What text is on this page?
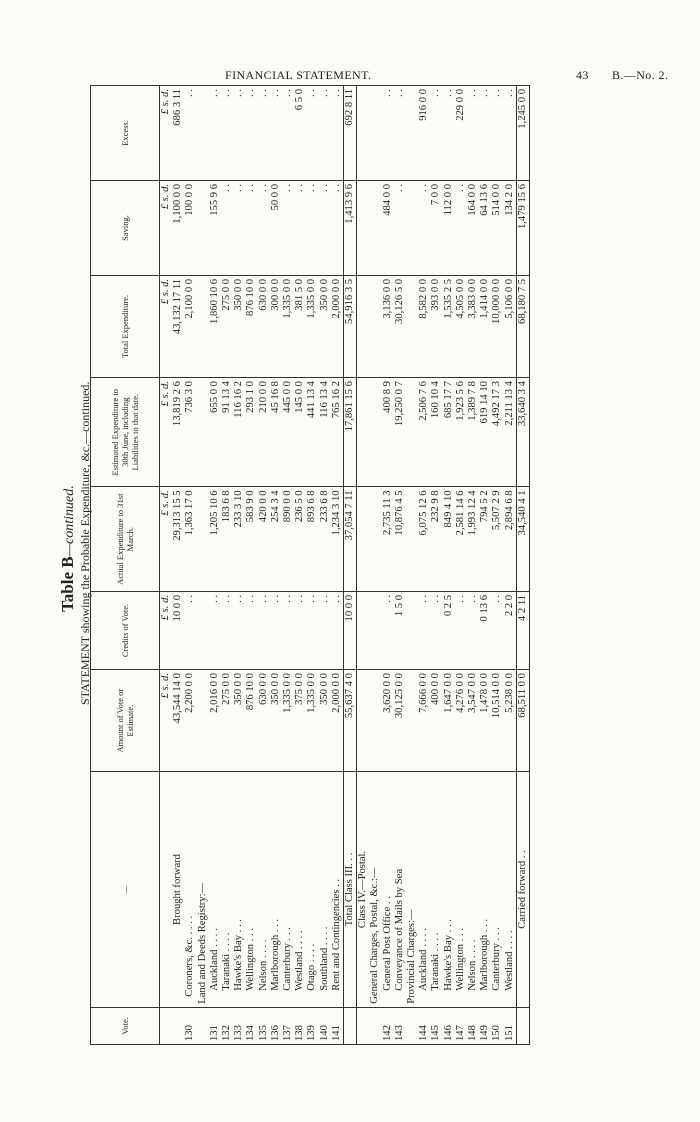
FINANCIAL STATEMENT.	43 B.—No. 2.
Table B—continued. STATEMENT showing the Probable Expenditure, &c.—continued.
Vote.	—	Amount of Vote or Estimate.	Credits of Vote.	Actual Expenditure to 31st March.	Estimated Expenditure to 30th June, including Liabilities to that date.	Total Expenditure.	Saving.	Excess.
		£ s. d.	£ s. d.	£ s. d.	£ s. d.	£ s. d.	£ s. d.	£ s. d.
	Brought forward	43,544 14 0	10 0 0	29,313 15 5	13,819 2 6	43,132 17 11	1,100 0 0	686 3 11
130	Coroners, &c. . . . .	2,200 0 0	. .	1,363 17 0	736 3 0	2,100 0 0	100 0 0	. .
	Land and Deeds Registry:—							
131	Auckland . . . .	2,016 0 0	. .	1,205 10 6	655 0 0	1,860 10 6	155 9 6	. .
132	Taranaki . . . .	275 0 0	. .	183 6 8	91 13 4	275 0 0	. .	. .
133	Hawke's Bay . . .	350 0 0	. .	233 3 10	116 16 2	350 0 0	. .	. .
134	Wellington . . .	876 10 0	. .	583 9 0	293 1 0	876 10 0	. .	. .
135	Nelson . . . .	630 0 0	. .	420 0 0	210 0 0	630 0 0	. .	. .
136	Marlborough . . .	350 0 0	. .	254 3 4	45 16 8	300 0 0	50 0 0	. .
137	Canterbury . . .	1,335 0 0	. .	890 0 0	445 0 0	1,335 0 0	. .	. .
138	Westland . . . .	375 0 0	. .	236 5 0	145 0 0	381 5 0	. .	6 5 0
139	Otago . . . .	1,335 0 0	. .	893 6 8	441 13 4	1,335 0 0	. .	. .
140	Southland . . . .	350 0 0	. .	233 6 8	116 13 4	350 0 0	. .	. .
141	Rent and Contingencies . .	2,000 0 0	. .	1,234 3 10	765 16 2	2,000 0 0	. .	. .
	Total Class III. . .	55,637 4 0	10 0 0	37,054 7 11	17,861 15 6	54,916 3 5	1,413 9 6	692 8 11
	Class IV.—Postal.							
	General Charges, Postal, &c.:—							
142	General Post Office . .	3,620 0 0	. .	2,735 11 3	400 8 9	3,136 0 0	484 0 0	. .
143	Conveyance of Mails by Sea	30,125 0 0	1 5 0	10,876 4 5	19,250 0 7	30,126 5 0	. .	. .
	Provincial Charges:—							
144	Auckland . . . .	7,666 0 0	. .	6,075 12 6	2,506 7 6	8,582 0 0	. .	916 0 0
145	Taranaki . . . .	400 0 0	. .	232 9 8	160 10 4	393 0 0	7 0 0	. .
146	Hawke's Bay . . .	1,647 0 0	0 2 5	849 4 10	685 17 7	1,535 2 5	112 0 0	. .
147	Wellington . . .	4,276 0 0	. .	2,581 14 6	1,923 5 6	4,505 0 0	. .	229 0 0
148	Nelson . . . .	3,547 0 0	. .	1,993 12 4	1,389 7 8	3,383 0 0	164 0 0	. .
149	Marlborough . . .	1,478 0 0	0 13 6	794 5 2	619 14 10	1,414 0 0	64 13 6	. .
150	Canterbury . . .	10,514 0 0	. .	5,507 2 9	4,492 17 3	10,000 0 0	514 0 0	. .
151	Westland . . . .	5,238 0 0	2 2 0	2,894 6 8	2,211 13 4	5,106 0 0	134 2 0	. .
	Carried forward . .	68,511 0 0	4 2 11	34,540 4 1	33,640 3 4	68,180 7 5	1,479 15 6	1,245 0 0
